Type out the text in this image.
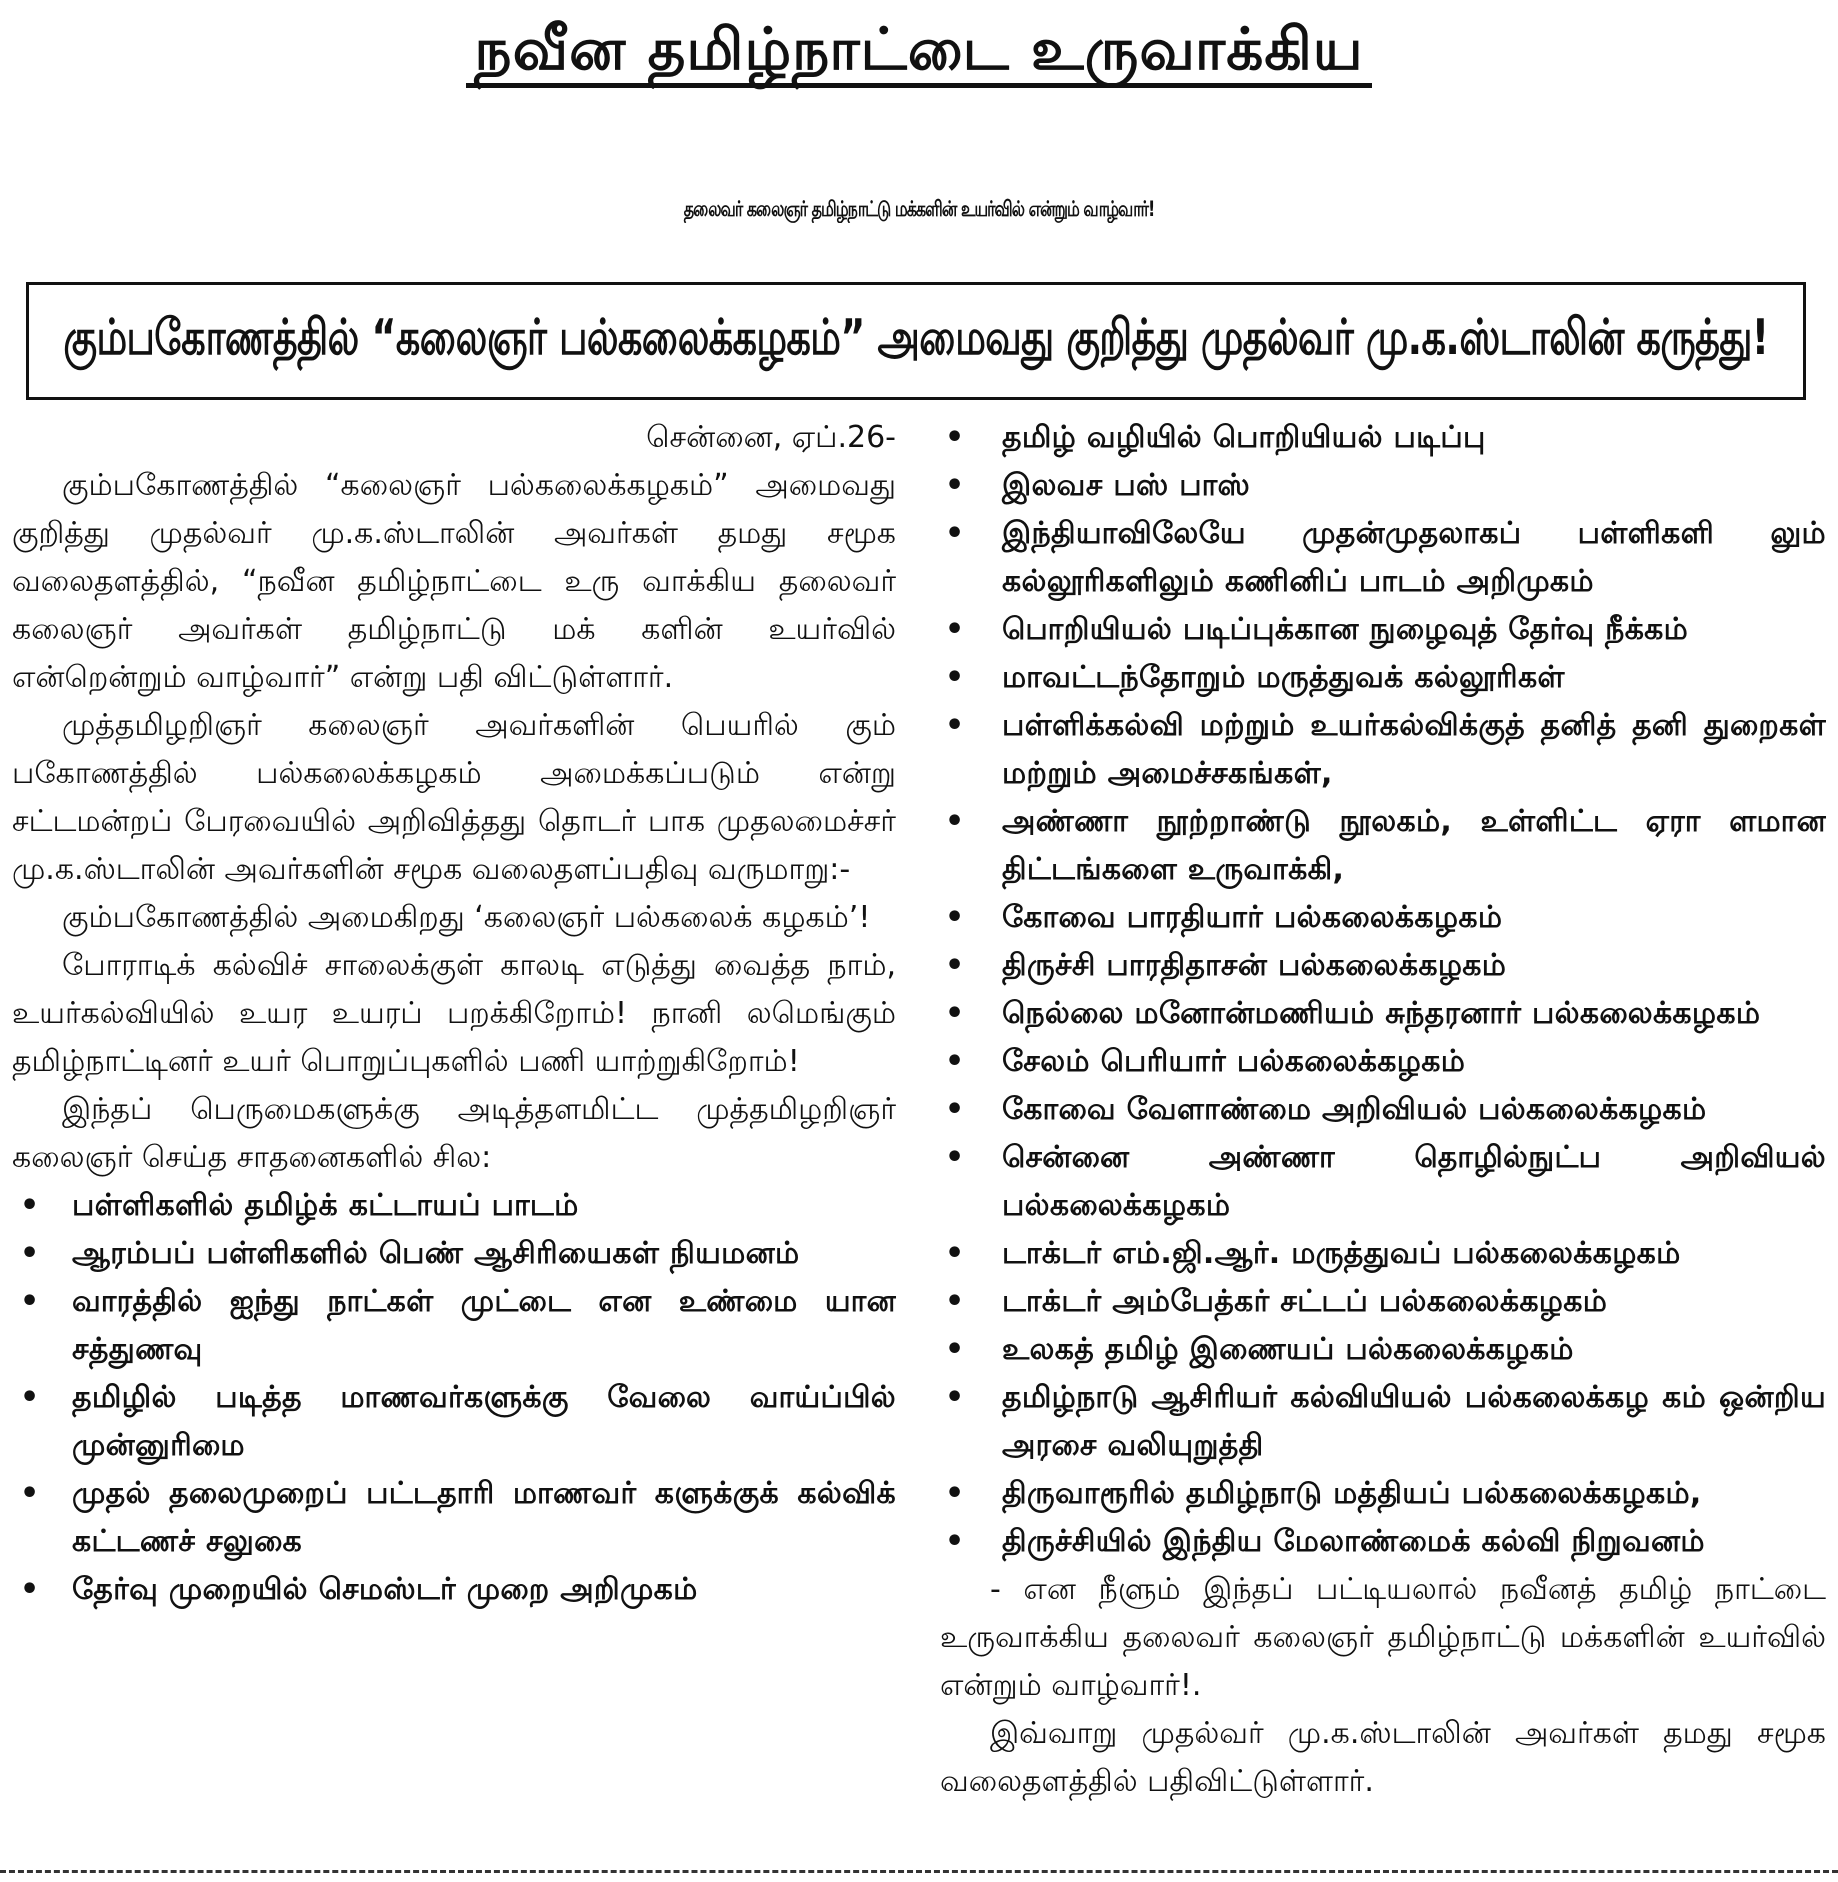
நவீன தமிழ்நாட்டை உருவாக்கிய
தலைவர் கலைஞர் தமிழ்நாட்டு மக்களின் உயர்வில் என்றும் வாழ்வார்!
கும்பகோணத்தில் “கலைஞர் பல்கலைக்கழகம்” அமைவது குறித்து முதல்வர் மு.க.ஸ்டாலின் கருத்து!
சென்னை, ஏப்.26-

கும்பகோணத்தில் “கலைஞர் பல்கலைக்கழகம்” அமைவது குறித்து முதல்வர் மு.க.ஸ்டாலின் அவர்கள் தமது சமூக வலைதளத்தில், “நவீன தமிழ்நாட்டை உரு வாக்கிய தலைவர் கலைஞர் அவர்கள் தமிழ்நாட்டு மக் களின் உயர்வில் என்றென்றும் வாழ்வார்” என்று பதி விட்டுள்ளார்.

முத்தமிழறிஞர் கலைஞர் அவர்களின் பெயரில் கும் பகோணத்தில் பல்கலைக்கழகம் அமைக்கப்படும் என்று சட்டமன்றப் பேரவையில் அறிவித்தது தொடர் பாக முதலமைச்சர் மு.க.ஸ்டாலின் அவர்களின் சமூக வலைதளப்பதிவு வருமாறு:-

கும்பகோணத்தில் அமைகிறது ‘கலைஞர் பல்கலைக் கழகம்’!

போராடிக் கல்விச் சாலைக்குள் காலடி எடுத்து வைத்த நாம், உயர்கல்வியில் உயர உயரப் பறக்கிறோம்! நானி லமெங்கும் தமிழ்நாட்டினர் உயர் பொறுப்புகளில் பணி யாற்றுகிறோம்!

இந்தப் பெருமைகளுக்கு அடித்தளமிட்ட முத்தமிழறிஞர் கலைஞர் செய்த சாதனைகளில் சில:

• பள்ளிகளில் தமிழ்க் கட்டாயப் பாடம்
• ஆரம்பப் பள்ளிகளில் பெண் ஆசிரியைகள் நியமனம்
• வாரத்தில் ஐந்து நாட்கள் முட்டை என உண்மை யான சத்துணவு
• தமிழில் படித்த மாணவர்களுக்கு வேலை வாய்ப்பில் முன்னுரிமை
• முதல் தலைமுறைப் பட்டதாரி மாணவர் களுக்குக் கல்விக் கட்டணச் சலுகை
• தேர்வு முறையில் செமஸ்டர் முறை அறிமுகம்
• தமிழ் வழியில் பொறியியல் படிப்பு
• இலவச பஸ் பாஸ்
• இந்தியாவிலேயே முதன்முதலாகப் பள்ளிகளி லும் கல்லூரிகளிலும் கணினிப் பாடம் அறிமுகம்
• பொறியியல் படிப்புக்கான நுழைவுத் தேர்வு நீக்கம்
• மாவட்டந்தோறும் மருத்துவக் கல்லூரிகள்
• பள்ளிக்கல்வி மற்றும் உயர்கல்விக்குத் தனித் தனி துறைகள் மற்றும் அமைச்சகங்கள்,
• அண்ணா நூற்றாண்டு நூலகம், உள்ளிட்ட ஏரா ளமான திட்டங்களை உருவாக்கி,
• கோவை பாரதியார் பல்கலைக்கழகம்
• திருச்சி பாரதிதாசன் பல்கலைக்கழகம்
• நெல்லை மனோன்மணியம் சுந்தரனார் பல்கலைக்கழகம்
• சேலம் பெரியார் பல்கலைக்கழகம்
• கோவை வேளாண்மை அறிவியல் பல்கலைக்கழகம்
• சென்னை அண்ணா தொழில்நுட்ப அறிவியல் பல்கலைக்கழகம்
• டாக்டர் எம்.ஜி.ஆர். மருத்துவப் பல்கலைக்கழகம்
• டாக்டர் அம்பேத்கர் சட்டப் பல்கலைக்கழகம்
• உலகத் தமிழ் இணையப் பல்கலைக்கழகம்
• தமிழ்நாடு ஆசிரியர் கல்வியியல் பல்கலைக்கழ கம் ஒன்றிய அரசை வலியுறுத்தி
• திருவாரூரில் தமிழ்நாடு மத்தியப் பல்கலைக்கழகம்,
• திருச்சியில் இந்திய மேலாண்மைக் கல்வி நிறுவனம்

- என நீளும் இந்தப் பட்டியலால் நவீனத் தமிழ் நாட்டை உருவாக்கிய தலைவர் கலைஞர் தமிழ்நாட்டு மக்களின் உயர்வில் என்றும் வாழ்வார்!.

இவ்வாறு முதல்வர் மு.க.ஸ்டாலின் அவர்கள் தமது சமூக வலைதளத்தில் பதிவிட்டுள்ளார்.
